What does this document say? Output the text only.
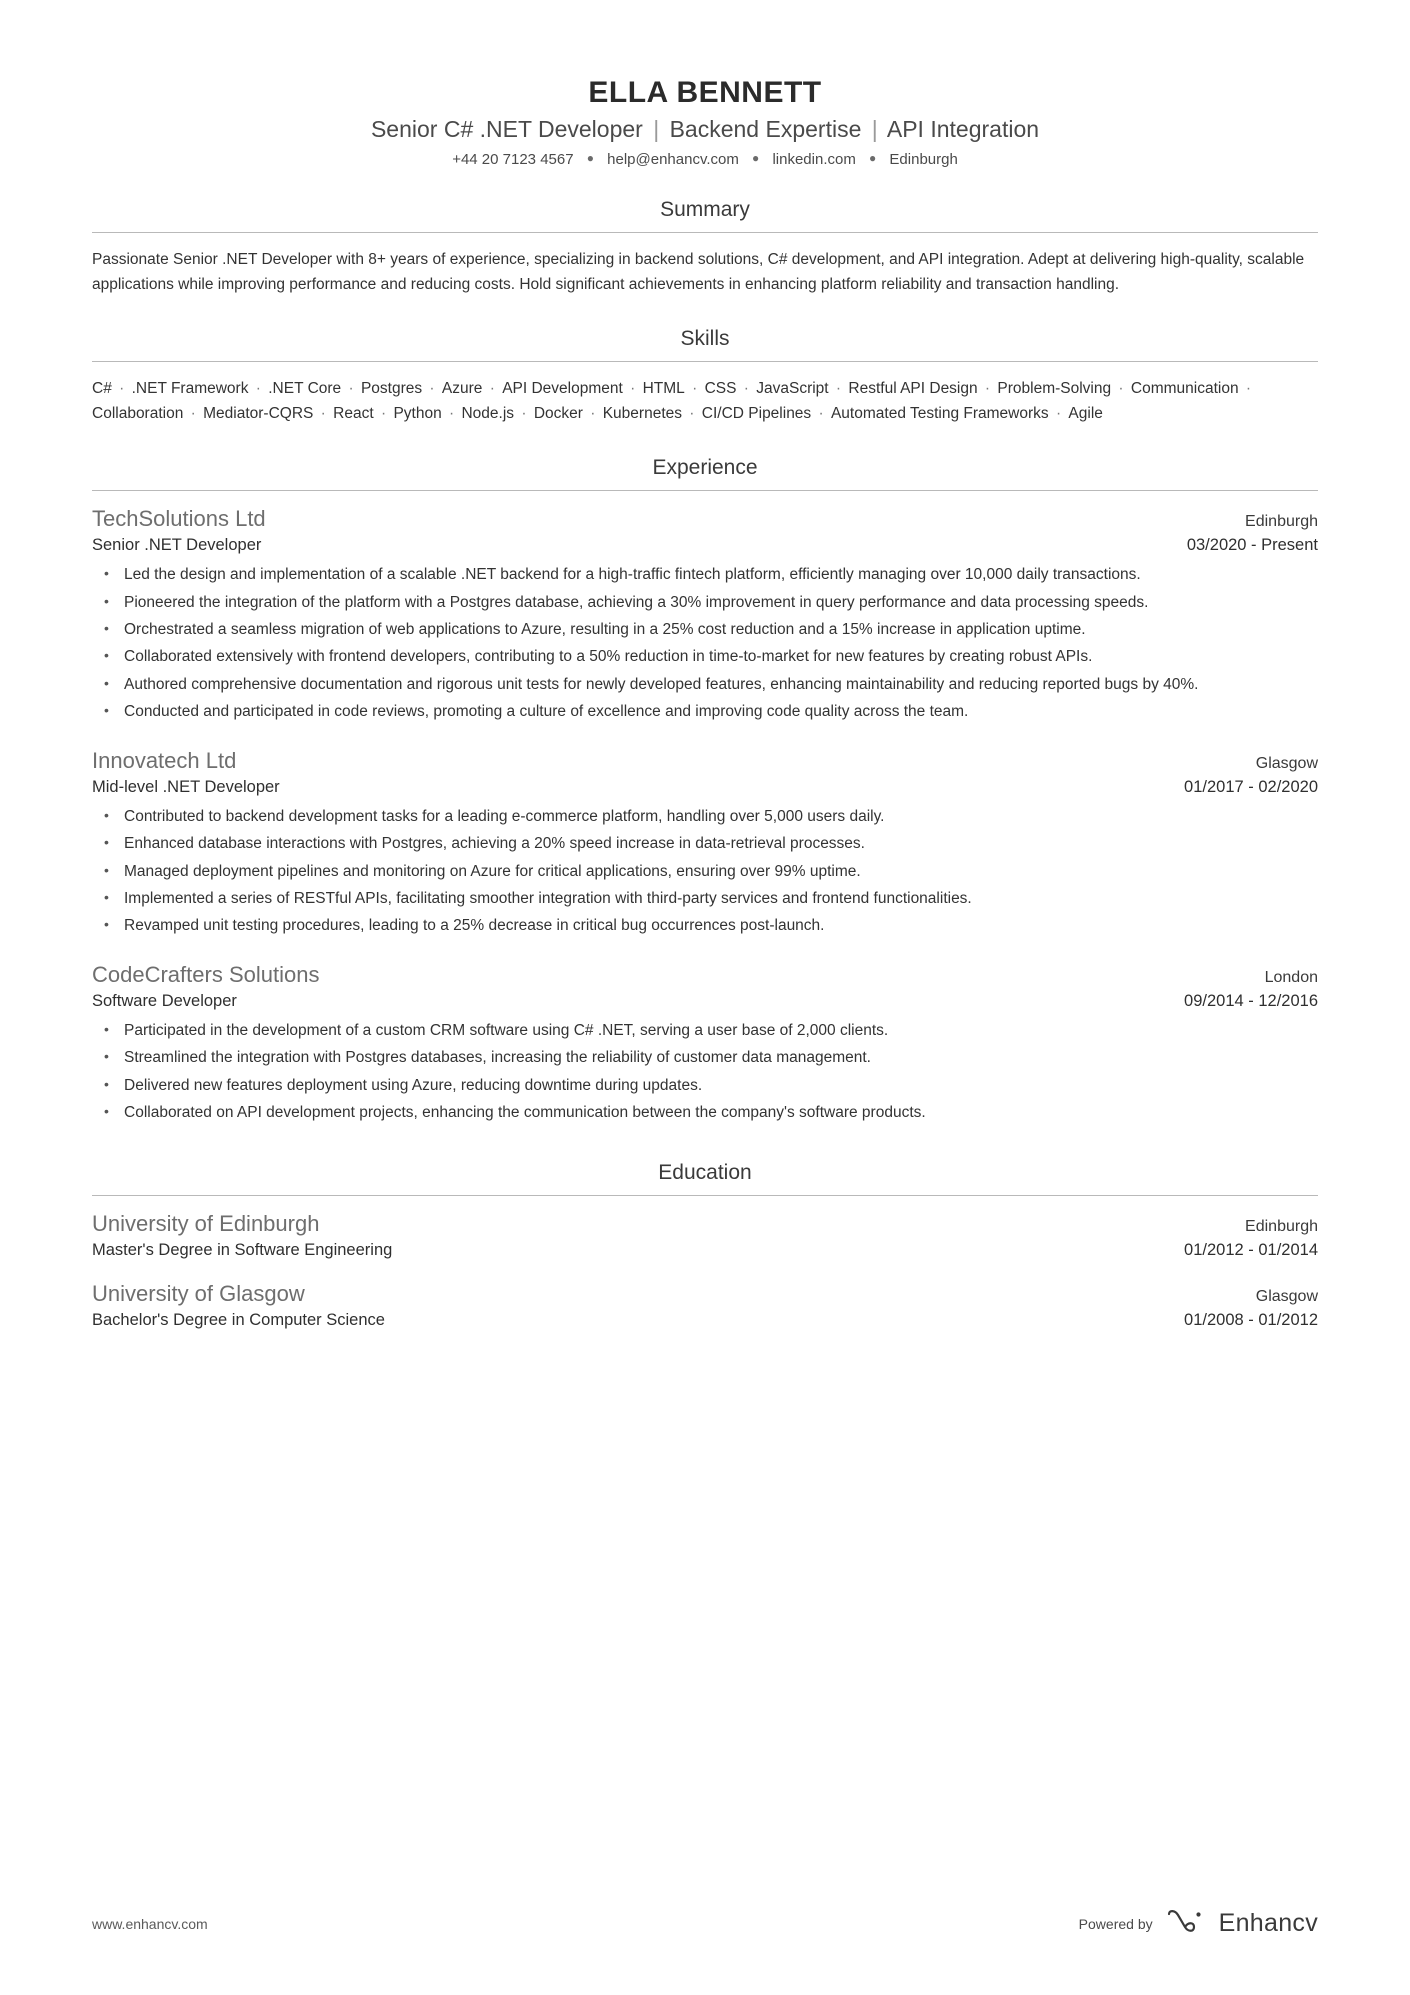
ELLA BENNETT
Senior C# .NET Developer | Backend Expertise | API Integration
+44 20 7123 4567 ● help@enhancv.com ● linkedin.com ● Edinburgh
Summary

Passionate Senior .NET Developer with 8+ years of experience, specializing in backend solutions, C# development, and API integration. Adept at delivering high-quality, scalable applications while improving performance and reducing costs. Hold significant achievements in enhancing platform reliability and transaction handling.

Skills

C# · .NET Framework · .NET Core · Postgres · Azure · API Development · HTML · CSS · JavaScript · Restful API Design · Problem-Solving · Communication · Collaboration · Mediator-CQRS · React · Python · Node.js · Docker · Kubernetes · CI/CD Pipelines · Automated Testing Frameworks · Agile

Experience
TechSolutions Ltd	Edinburgh
Senior .NET Developer	03/2020 - Present
• Led the design and implementation of a scalable .NET backend for a high-traffic fintech platform, efficiently managing over 10,000 daily transactions.
• Pioneered the integration of the platform with a Postgres database, achieving a 30% improvement in query performance and data processing speeds.
• Orchestrated a seamless migration of web applications to Azure, resulting in a 25% cost reduction and a 15% increase in application uptime.
• Collaborated extensively with frontend developers, contributing to a 50% reduction in time-to-market for new features by creating robust APIs.
• Authored comprehensive documentation and rigorous unit tests for newly developed features, enhancing maintainability and reducing reported bugs by 40%.
• Conducted and participated in code reviews, promoting a culture of excellence and improving code quality across the team.
Innovatech Ltd	Glasgow
Mid-level .NET Developer	01/2017 - 02/2020
• Contributed to backend development tasks for a leading e-commerce platform, handling over 5,000 users daily.
• Enhanced database interactions with Postgres, achieving a 20% speed increase in data-retrieval processes.
• Managed deployment pipelines and monitoring on Azure for critical applications, ensuring over 99% uptime.
• Implemented a series of RESTful APIs, facilitating smoother integration with third-party services and frontend functionalities.
• Revamped unit testing procedures, leading to a 25% decrease in critical bug occurrences post-launch.
CodeCrafters Solutions	London
Software Developer	09/2014 - 12/2016
• Participated in the development of a custom CRM software using C# .NET, serving a user base of 2,000 clients.
• Streamlined the integration with Postgres databases, increasing the reliability of customer data management.
• Delivered new features deployment using Azure, reducing downtime during updates.
• Collaborated on API development projects, enhancing the communication between the company's software products.
Education
University of Edinburgh	Edinburgh
Master's Degree in Software Engineering	01/2012 - 01/2014
University of Glasgow	Glasgow
Bachelor's Degree in Computer Science	01/2008 - 01/2012
www.enhancv.com	Powered by	Enhancv
